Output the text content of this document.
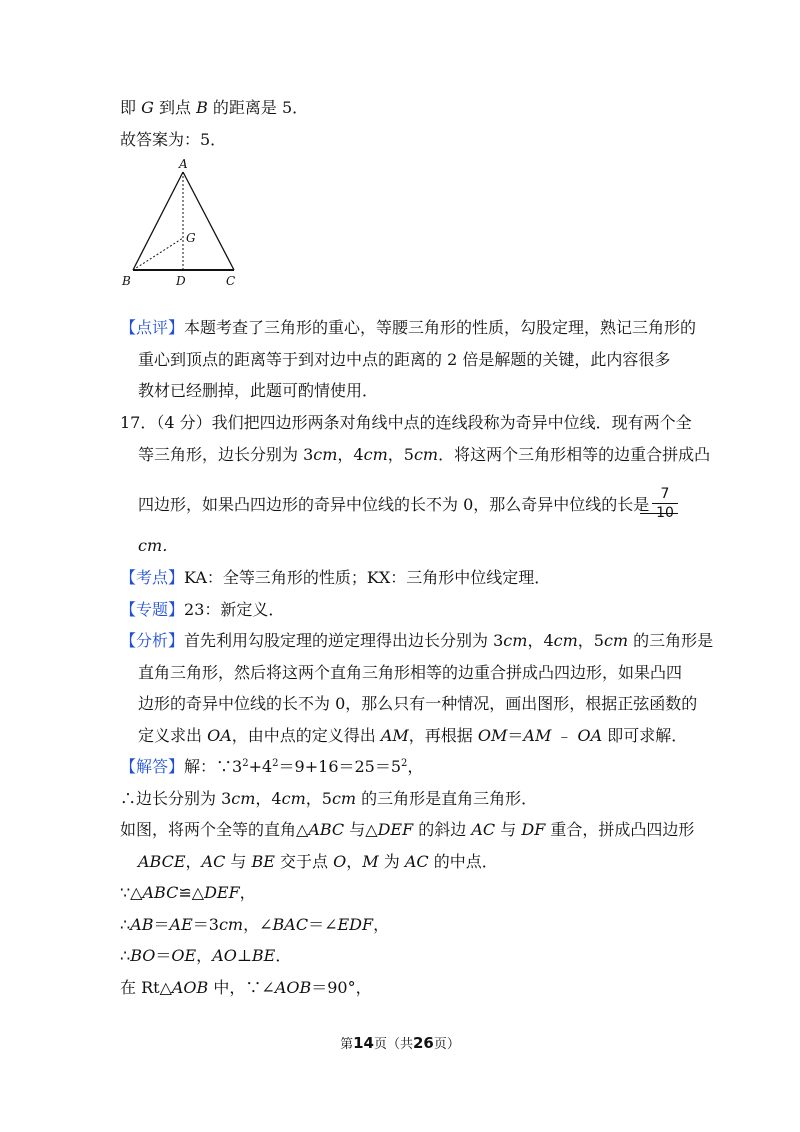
即 G 到点 B 的距离是 5．
故答案为：5．
A
B	C
D
G
【点评】本题考查了三角形的重心，等腰三角形的性质，勾股定理，熟记三角形的
重心到顶点的距离等于到对边中点的距离的 2 倍是解题的关键，此内容很多
教材已经删掉，此题可酌情使用．
17．（4 分）我们把四边形两条对角线中点的连线段称为奇异中位线．现有两个全
等三角形，边长分别为 3cm，4cm，5cm．将这两个三角形相等的边重合拼成凸
四边形，如果凸四边形的奇异中位线的长不为 0，那么奇异中位线的长是
7
10
cm．
【考点】KA：全等三角形的性质；KX：三角形中位线定理．
【专题】23：新定义．
【分析】首先利用勾股定理的逆定理得出边长分别为 3cm，4cm，5cm 的三角形是
直角三角形，然后将这两个直角三角形相等的边重合拼成凸四边形，如果凸四
边形的奇异中位线的长不为 0，那么只有一种情况，画出图形，根据正弦函数的
定义求出 OA，由中点的定义得出 AM，再根据 OM＝AM ﹣ OA 即可求解．
【解答】解：$\because 3^2+4^2=9+16=25=5^2$，
∴边长分别为 3cm，4cm，5cm 的三角形是直角三角形．
如图，将两个全等的直角△ABC 与△DEF 的斜边 AC 与 DF 重合，拼成凸四边形
ABCE，AC 与 BE 交于点 O，M 为 AC 的中点．
∵△ABC≌△DEF，
∴AB＝AE＝3cm，∠BAC＝∠EDF，
∴BO＝OE，AO⊥BE．
在 Rt△AOB 中，∵∠AOB＝90°，
第14页（共26页）
